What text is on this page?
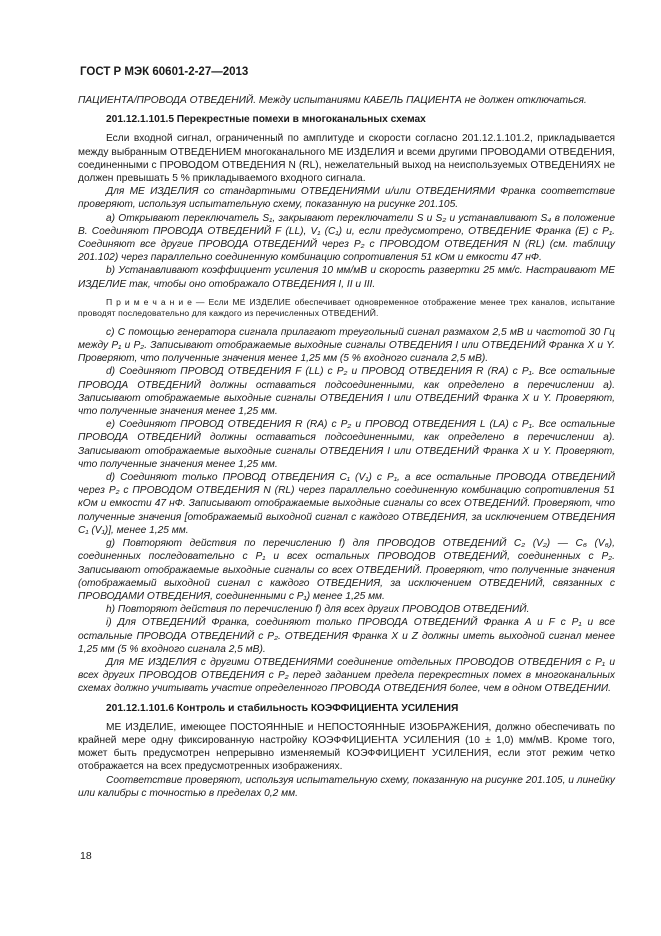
ГОСТ Р МЭК 60601-2-27—2013

ПАЦИЕНТА/ПРОВОДА ОТВЕДЕНИЙ. Между испытаниями КАБЕЛЬ ПАЦИЕНТА не должен отключаться.

201.12.1.101.5 Перекрестные помехи в многоканальных схемах

Если входной сигнал, ограниченный по амплитуде и скорости согласно 201.12.1.101.2, прикладывается между выбранным ОТВЕДЕНИЕМ многоканального МЕ ИЗДЕЛИЯ и всеми другими ПРОВОДАМИ ОТВЕДЕНИЯ, соединенными с ПРОВОДОМ ОТВЕДЕНИЯ N (RL), нежелательный выход на неиспользуемых ОТВЕДЕНИЯХ не должен превышать 5 % прикладываемого входного сигнала.

Для МЕ ИЗДЕЛИЯ со стандартными ОТВЕДЕНИЯМИ и/или ОТВЕДЕНИЯМИ Франка соответствие проверяют, используя испытательную схему, показанную на рисунке 201.105.

a) Открывают переключатель S₁, закрывают переключатели S и S₂ и устанавливают S₄ в положение B. Соединяют ПРОВОДА ОТВЕДЕНИЙ F (LL), V₁ (C₁) и, если предусмотрено, ОТВЕДЕНИЕ Франка (E) с P₁. Соединяют все другие ПРОВОДА ОТВЕДЕНИЙ через P₂ с ПРОВОДОМ ОТВЕДЕНИЯ N (RL) (см. таблицу 201.102) через параллельно соединенную комбинацию сопротивления 51 кОм и емкости 47 нФ.

b) Устанавливают коэффициент усиления 10 мм/мВ и скорость развертки 25 мм/с. Настраивают МЕ ИЗДЕЛИЕ так, чтобы оно отображало ОТВЕДЕНИЯ I, II и III.

П р и м е ч а н и е — Если МЕ ИЗДЕЛИЕ обеспечивает одновременное отображение менее трех каналов, испытание проводят последовательно для каждого из перечисленных ОТВЕДЕНИЙ.

c) С помощью генератора сигнала прилагают треугольный сигнал размахом 2,5 мВ и частотой 30 Гц между P₁ и P₂. Записывают отображаемые выходные сигналы ОТВЕДЕНИЯ I или ОТВЕДЕНИЙ Франка X и Y. Проверяют, что полученные значения менее 1,25 мм (5 % входного сигнала 2,5 мВ).

d) Соединяют ПРОВОД ОТВЕДЕНИЯ F (LL) с P₂ и ПРОВОД ОТВЕДЕНИЯ R (RA) с P₁. Все остальные ПРОВОДА ОТВЕДЕНИЙ должны оставаться подсоединенными, как определено в перечислении a). Записывают отображаемые выходные сигналы ОТВЕДЕНИЯ I или ОТВЕДЕНИЙ Франка X и Y. Проверяют, что полученные значения менее 1,25 мм.

e) Соединяют ПРОВОД ОТВЕДЕНИЯ R (RA) с P₂ и ПРОВОД ОТВЕДЕНИЯ L (LA) с P₁. Все остальные ПРОВОДА ОТВЕДЕНИЙ должны оставаться подсоединенными, как определено в перечислении a). Записывают отображаемые выходные сигналы ОТВЕДЕНИЯ I или ОТВЕДЕНИЙ Франка X и Y. Проверяют, что полученные значения менее 1,25 мм.

d) Соединяют только ПРОВОД ОТВЕДЕНИЯ C₁ (V₁) с P₁, а все остальные ПРОВОДА ОТВЕДЕНИЙ через P₂ с ПРОВОДОМ ОТВЕДЕНИЯ N (RL) через параллельно соединенную комбинацию сопротивления 51 кОм и емкости 47 нФ. Записывают отображаемые выходные сигналы со всех ОТВЕДЕНИЙ. Проверяют, что полученные значения [отображаемый выходной сигнал с каждого ОТВЕДЕНИЯ, за исключением ОТВЕДЕНИЯ C₁ (V₁)], менее 1,25 мм.

g) Повторяют действия по перечислению f) для ПРОВОДОВ ОТВЕДЕНИЙ C₂ (V₂) — C₆ (V₆), соединенных последовательно с P₁ и всех остальных ПРОВОДОВ ОТВЕДЕНИЙ, соединенных с P₂. Записывают отображаемые выходные сигналы со всех ОТВЕДЕНИЙ. Проверяют, что полученные значения (отображаемый выходной сигнал с каждого ОТВЕДЕНИЯ, за исключением ОТВЕДЕНИЙ, связанных с ПРОВОДАМИ ОТВЕДЕНИЯ, соединенными с P₁) менее 1,25 мм.

h) Повторяют действия по перечислению f) для всех других ПРОВОДОВ ОТВЕДЕНИЙ.

i) Для ОТВЕДЕНИЙ Франка, соединяют только ПРОВОДА ОТВЕДЕНИЙ Франка A и F с P₁ и все остальные ПРОВОДА ОТВЕДЕНИЙ с P₂. ОТВЕДЕНИЯ Франка X и Z должны иметь выходной сигнал менее 1,25 мм (5 % входного сигнала 2,5 мВ).

Для МЕ ИЗДЕЛИЯ с другими ОТВЕДЕНИЯМИ соединение отдельных ПРОВОДОВ ОТВЕДЕНИЯ с P₁ и всех других ПРОВОДОВ ОТВЕДЕНИЯ с P₂ перед заданием предела перекрестных помех в многоканальных схемах должно учитывать участие определенного ПРОВОДА ОТВЕДЕНИЯ более, чем в одном ОТВЕДЕНИИ.

201.12.1.101.6 Контроль и стабильность КОЭФФИЦИЕНТА УСИЛЕНИЯ

МЕ ИЗДЕЛИЕ, имеющее ПОСТОЯННЫЕ и НЕПОСТОЯННЫЕ ИЗОБРАЖЕНИЯ, должно обеспечивать по крайней мере одну фиксированную настройку КОЭФФИЦИЕНТА УСИЛЕНИЯ (10 ± 1,0) мм/мВ. Кроме того, может быть предусмотрен непрерывно изменяемый КОЭФФИЦИЕНТ УСИЛЕНИЯ, если этот режим четко отображается на всех предусмотренных изображениях.

Соответствие проверяют, используя испытательную схему, показанную на рисунке 201.105, и линейку или калибры с точностью в пределах 0,2 мм.

18
